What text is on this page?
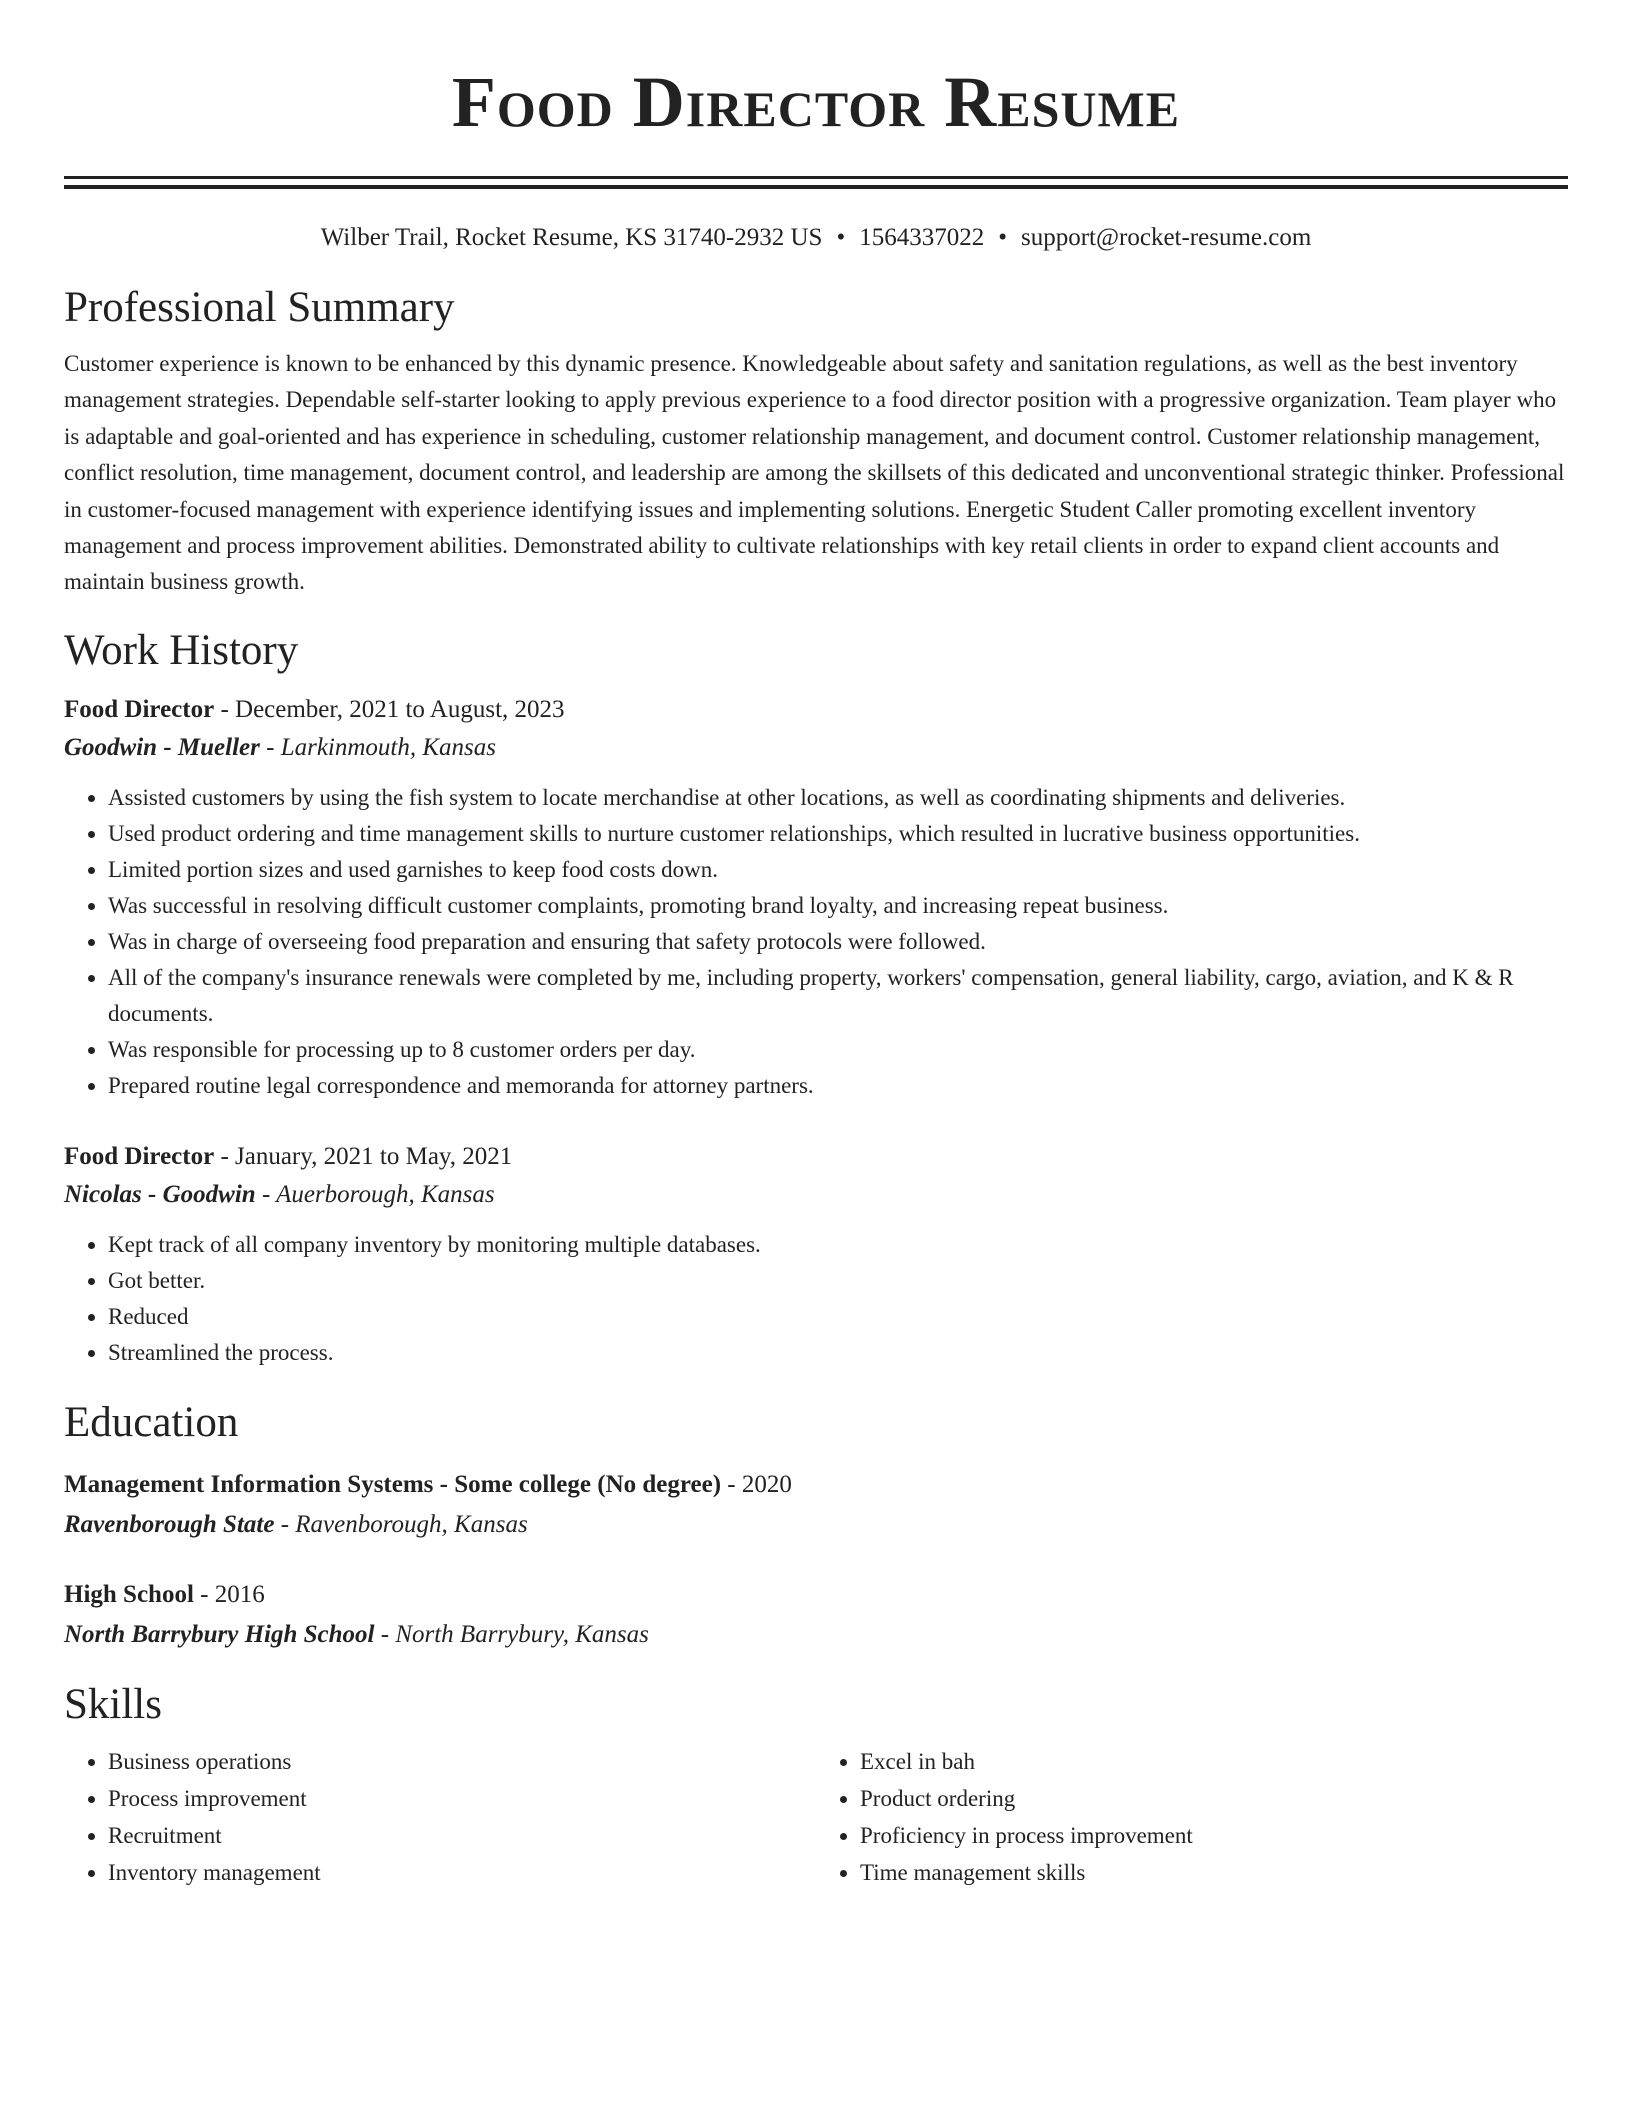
Food Director Resume
Wilber Trail, Rocket Resume, KS 31740-2932 US • 1564337022 • support@rocket-resume.com
Professional Summary
Customer experience is known to be enhanced by this dynamic presence. Knowledgeable about safety and sanitation regulations, as well as the best inventory management strategies. Dependable self-starter looking to apply previous experience to a food director position with a progressive organization. Team player who is adaptable and goal-oriented and has experience in scheduling, customer relationship management, and document control. Customer relationship management, conflict resolution, time management, document control, and leadership are among the skillsets of this dedicated and unconventional strategic thinker. Professional in customer-focused management with experience identifying issues and implementing solutions. Energetic Student Caller promoting excellent inventory management and process improvement abilities. Demonstrated ability to cultivate relationships with key retail clients in order to expand client accounts and maintain business growth.
Work History
Food Director - December, 2021 to August, 2023
Goodwin - Mueller - Larkinmouth, Kansas
• Assisted customers by using the fish system to locate merchandise at other locations, as well as coordinating shipments and deliveries.
• Used product ordering and time management skills to nurture customer relationships, which resulted in lucrative business opportunities.
• Limited portion sizes and used garnishes to keep food costs down.
• Was successful in resolving difficult customer complaints, promoting brand loyalty, and increasing repeat business.
• Was in charge of overseeing food preparation and ensuring that safety protocols were followed.
• All of the company's insurance renewals were completed by me, including property, workers' compensation, general liability, cargo, aviation, and K & R documents.
• Was responsible for processing up to 8 customer orders per day.
• Prepared routine legal correspondence and memoranda for attorney partners.
Food Director - January, 2021 to May, 2021
Nicolas - Goodwin - Auerborough, Kansas
• Kept track of all company inventory by monitoring multiple databases.
• Got better.
• Reduced
• Streamlined the process.
Education
Management Information Systems - Some college (No degree) - 2020
Ravenborough State - Ravenborough, Kansas
High School - 2016
North Barrybury High School - North Barrybury, Kansas
Skills
• Business operations
• Process improvement
• Recruitment
• Inventory management
• Excel in bah
• Product ordering
• Proficiency in process improvement
• Time management skills
